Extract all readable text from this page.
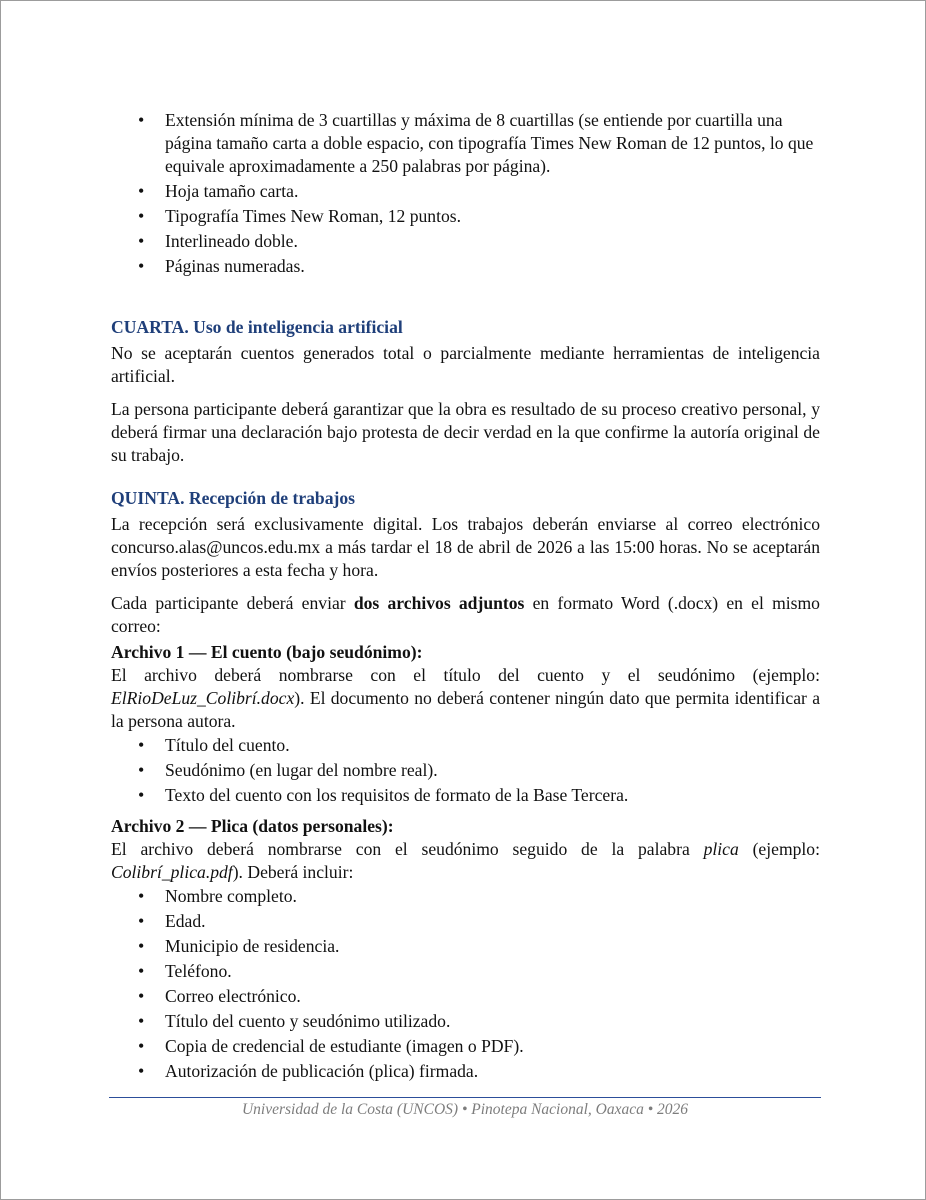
• Extensión mínima de 3 cuartillas y máxima de 8 cuartillas (se entiende por cuartilla una página tamaño carta a doble espacio, con tipografía Times New Roman de 12 puntos, lo que equivale aproximadamente a 250 palabras por página).
• Hoja tamaño carta.
• Tipografía Times New Roman, 12 puntos.
• Interlineado doble.
• Páginas numeradas.
CUARTA. Uso de inteligencia artificial

No se aceptarán cuentos generados total o parcialmente mediante herramientas de inteligencia artificial.

La persona participante deberá garantizar que la obra es resultado de su proceso creativo personal, y deberá firmar una declaración bajo protesta de decir verdad en la que confirme la autoría original de su trabajo.

QUINTA. Recepción de trabajos

La recepción será exclusivamente digital. Los trabajos deberán enviarse al correo electrónico concurso.alas@uncos.edu.mx a más tardar el 18 de abril de 2026 a las 15:00 horas. No se aceptarán envíos posteriores a esta fecha y hora.

Cada participante deberá enviar dos archivos adjuntos en formato Word (.docx) en el mismo correo:

Archivo 1 — El cuento (bajo seudónimo):

El archivo deberá nombrarse con el título del cuento y el seudónimo (ejemplo: ElRioDeLuz_Colibrí.docx). El documento no deberá contener ningún dato que permita identificar a la persona autora.

• Título del cuento.
• Seudónimo (en lugar del nombre real).
• Texto del cuento con los requisitos de formato de la Base Tercera.

Archivo 2 — Plica (datos personales):

El archivo deberá nombrarse con el seudónimo seguido de la palabra plica (ejemplo: Colibrí_plica.pdf). Deberá incluir:

• Nombre completo.
• Edad.
• Municipio de residencia.
• Teléfono.
• Correo electrónico.
• Título del cuento y seudónimo utilizado.
• Copia de credencial de estudiante (imagen o PDF).
• Autorización de publicación (plica) firmada.
Universidad de la Costa (UNCOS) • Pinotepa Nacional, Oaxaca • 2026
